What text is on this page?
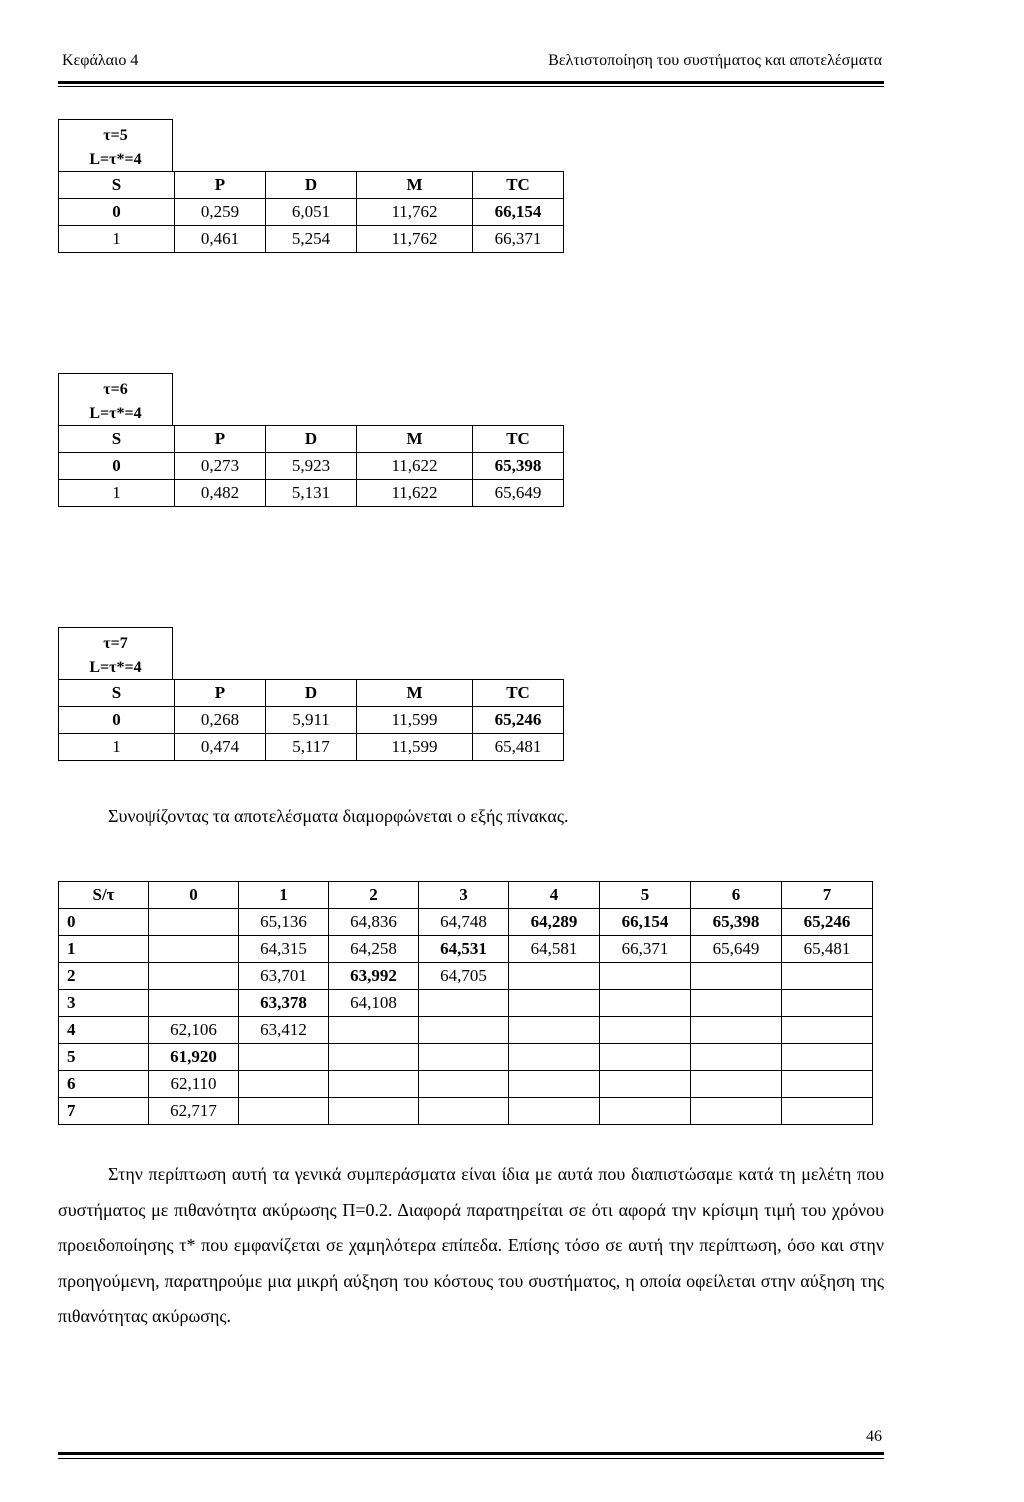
Κεφάλαιο 4	Βελτιστοποίηση του συστήματος και αποτελέσματα
τ=5
L=τ*=4
S	P	D	M	TC
0	0,259	6,051	11,762	66,154
1	0,461	5,254	11,762	66,371
τ=6
L=τ*=4
S	P	D	M	TC
0	0,273	5,923	11,622	65,398
1	0,482	5,131	11,622	65,649
τ=7
L=τ*=4
S	P	D	M	TC
0	0,268	5,911	11,599	65,246
1	0,474	5,117	11,599	65,481
Συνοψίζοντας τα αποτελέσματα διαμορφώνεται ο εξής πίνακας.
S/τ	0	1	2	3	4	5	6	7
0		65,136	64,836	64,748	64,289	66,154	65,398	65,246
1		64,315	64,258	64,531	64,581	66,371	65,649	65,481
2		63,701	63,992	64,705				
3		63,378	64,108					
4	62,106	63,412						
5	61,920							
6	62,110							
7	62,717							

Στην περίπτωση αυτή τα γενικά συμπεράσματα είναι ίδια με αυτά που διαπιστώσαμε κατά τη μελέτη που συστήματος με πιθανότητα ακύρωσης Π=0.2. Διαφορά παρατηρείται σε ότι αφορά την κρίσιμη τιμή του χρόνου προειδοποίησης τ* που εμφανίζεται σε χαμηλότερα επίπεδα. Επίσης τόσο σε αυτή την περίπτωση, όσο και στην προηγούμενη, παρατηρούμε μια μικρή αύξηση του κόστους του συστήματος, η οποία οφείλεται στην αύξηση της πιθανότητας ακύρωσης.

46
